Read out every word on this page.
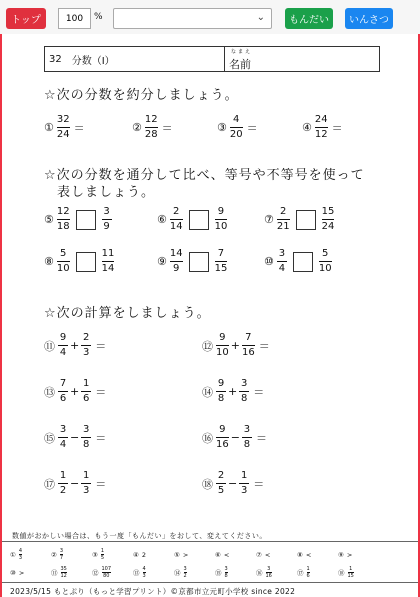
トップ
100	%	⌄	もんだい	いんさつ
32 分数（Ⅰ）
なまえ
名前
☆次の分数を約分しましょう。
① $\frac{32}{24}$ ＝	② $\frac{12}{28}$ ＝	③ $\frac{4}{20}$ ＝	④ $\frac{24}{12}$ ＝
☆次の分数を通分して比べ、等号や不等号を使って
表しましょう。
⑤ $\frac{12}{18}$	$\frac{3}{9}$	⑥ $\frac{2}{14}$	$\frac{9}{10}$	⑦ $\frac{2}{21}$	$\frac{15}{24}$
⑧ $\frac{5}{10}$	$\frac{11}{14}$	⑨ $\frac{14}{9}$	$\frac{7}{15}$	⑩ $\frac{3}{4}$	$\frac{5}{10}$
☆次の計算をしましょう。
⑪ $\frac{9}{4} + \frac{2}{3}$ ＝	⑫ $\frac{9}{10} + \frac{7}{16}$ ＝
⑬ $\frac{7}{6} + \frac{1}{6}$ ＝	⑭ $\frac{9}{8} + \frac{3}{8}$ ＝
⑮ $\frac{3}{4} - \frac{3}{8}$ ＝	⑯ $\frac{9}{16} - \frac{3}{8}$ ＝
⑰ $\frac{1}{2} - \frac{1}{3}$ ＝	⑱ $\frac{2}{5} - \frac{1}{3}$ ＝
数値がおかしい場合は、もう一度「もんだい」をおして、変えてください。
① 4
3	② 3
7	③ 1
5	④ 2	⑤ >	⑥ <	⑦ <	⑧ <	⑨ >
⑩ >	⑪ 35
12	⑫ 107
80	⑬ 4
3	⑭ 3
2	⑮ 3
8	⑯ 3
16	⑰ 1
6	⑱ 1
15
2023/5/15 もとぷり（もっと学習プリント）©京都市立元町小学校 since 2022
